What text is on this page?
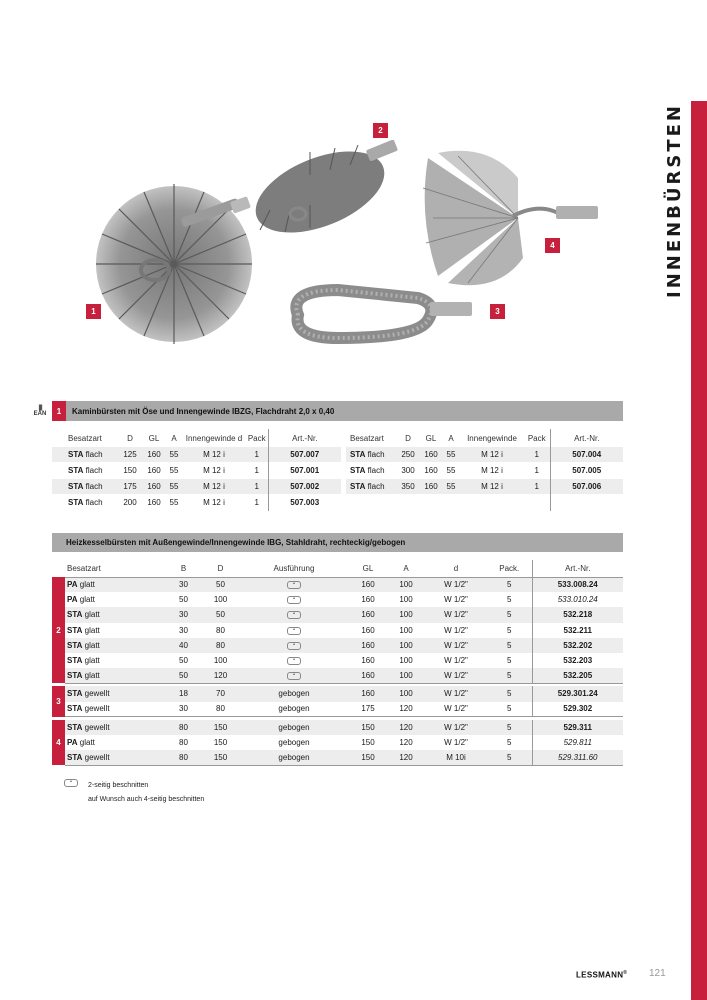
INNENBÜRSTEN
1
2
3
4
||||||
EAN	1	Kaminbürsten mit Öse und Innengewinde IBZG, Flachdraht 2,0 x 0,40
Besatzart	D	GL	A	Innengewinde d	Pack	Art.-Nr.
STA flach	125	160	55	M 12 i	1	507.007
STA flach	150	160	55	M 12 i	1	507.001
STA flach	175	160	55	M 12 i	1	507.002
STA flach	200	160	55	M 12 i	1	507.003
Besatzart	D	GL	A	Innengewinde	Pack	Art.-Nr.
STA flach	250	160	55	M 12 i	1	507.004
STA flach	300	160	55	M 12 i	1	507.005
STA flach	350	160	55	M 12 i	1	507.006

Heizkesselbürsten mit Außengewinde/Innengewinde IBG, Stahldraht, rechteckig/gebogen
	Besatzart	B	D	Ausführung	GL	A	d	Pack.	Art.-Nr.
2	PA glatt	30	50	•	160	100	W 1/2"	5	533.008.24
	PA glatt	50	100	•	160	100	W 1/2"	5	533.010.24
	STA glatt	30	50	•	160	100	W 1/2"	5	532.218
	STA glatt	30	80	•	160	100	W 1/2"	5	532.211
	STA glatt	40	80	•	160	100	W 1/2"	5	532.202
	STA glatt	50	100	•	160	100	W 1/2"	5	532.203
	STA glatt	50	120	•	160	100	W 1/2"	5	532.205

3	STA gewellt	18	70	gebogen	160	100	W 1/2"	5	529.301.24
	STA gewellt	30	80	gebogen	175	120	W 1/2"	5	529.302

4	STA gewellt	80	150	gebogen	150	120	W 1/2"	5	529.311
	PA glatt	80	150	gebogen	150	120	W 1/2"	5	529.811
	STA gewellt	80	150	gebogen	150	120	M 10i	5	529.311.60
•	2-seitig beschnitten
auf Wunsch auch 4-seitig beschnitten
LESSMANN® 121
